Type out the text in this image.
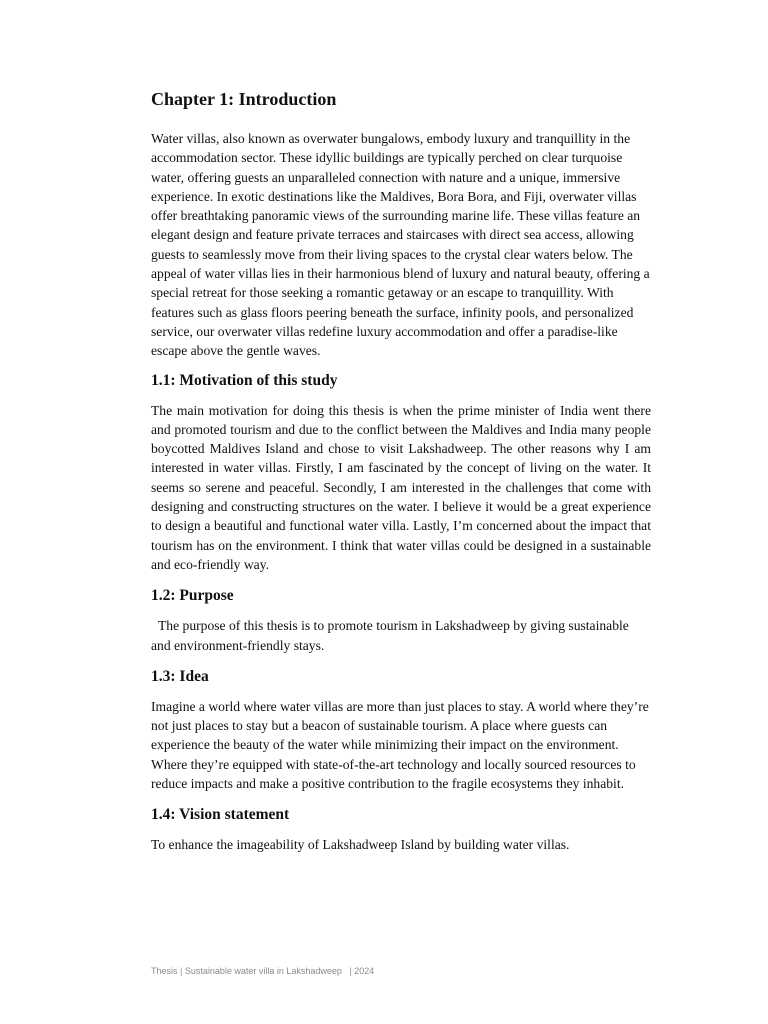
Chapter 1: Introduction

Water villas, also known as overwater bungalows, embody luxury and tranquillity in the accommodation sector. These idyllic buildings are typically perched on clear turquoise water, offering guests an unparalleled connection with nature and a unique, immersive experience. In exotic destinations like the Maldives, Bora Bora, and Fiji, overwater villas offer breathtaking panoramic views of the surrounding marine life. These villas feature an elegant design and feature private terraces and staircases with direct sea access, allowing guests to seamlessly move from their living spaces to the crystal clear waters below. The appeal of water villas lies in their harmonious blend of luxury and natural beauty, offering a special retreat for those seeking a romantic getaway or an escape to tranquillity. With features such as glass floors peering beneath the surface, infinity pools, and personalized service, our overwater villas redefine luxury accommodation and offer a paradise-like escape above the gentle waves.

1.1: Motivation of this study

The main motivation for doing this thesis is when the prime minister of India went there and promoted tourism and due to the conflict between the Maldives and India many people boycotted Maldives Island and chose to visit Lakshadweep. The other reasons why I am interested in water villas. Firstly, I am fascinated by the concept of living on the water. It seems so serene and peaceful. Secondly, I am interested in the challenges that come with designing and constructing structures on the water. I believe it would be a great experience to design a beautiful and functional water villa. Lastly, I’m concerned about the impact that tourism has on the environment. I think that water villas could be designed in a sustainable and eco-friendly way.

1.2: Purpose

The purpose of this thesis is to promote tourism in Lakshadweep by giving sustainable and environment-friendly stays.

1.3: Idea

Imagine a world where water villas are more than just places to stay. A world where they’re not just places to stay but a beacon of sustainable tourism. A place where guests can experience the beauty of the water while minimizing their impact on the environment. Where they’re equipped with state-of-the-art technology and locally sourced resources to reduce impacts and make a positive contribution to the fragile ecosystems they inhabit.

1.4: Vision statement

To enhance the imageability of Lakshadweep Island by building water villas.

Thesis | Sustainable water villa in Lakshadweep   | 2024
